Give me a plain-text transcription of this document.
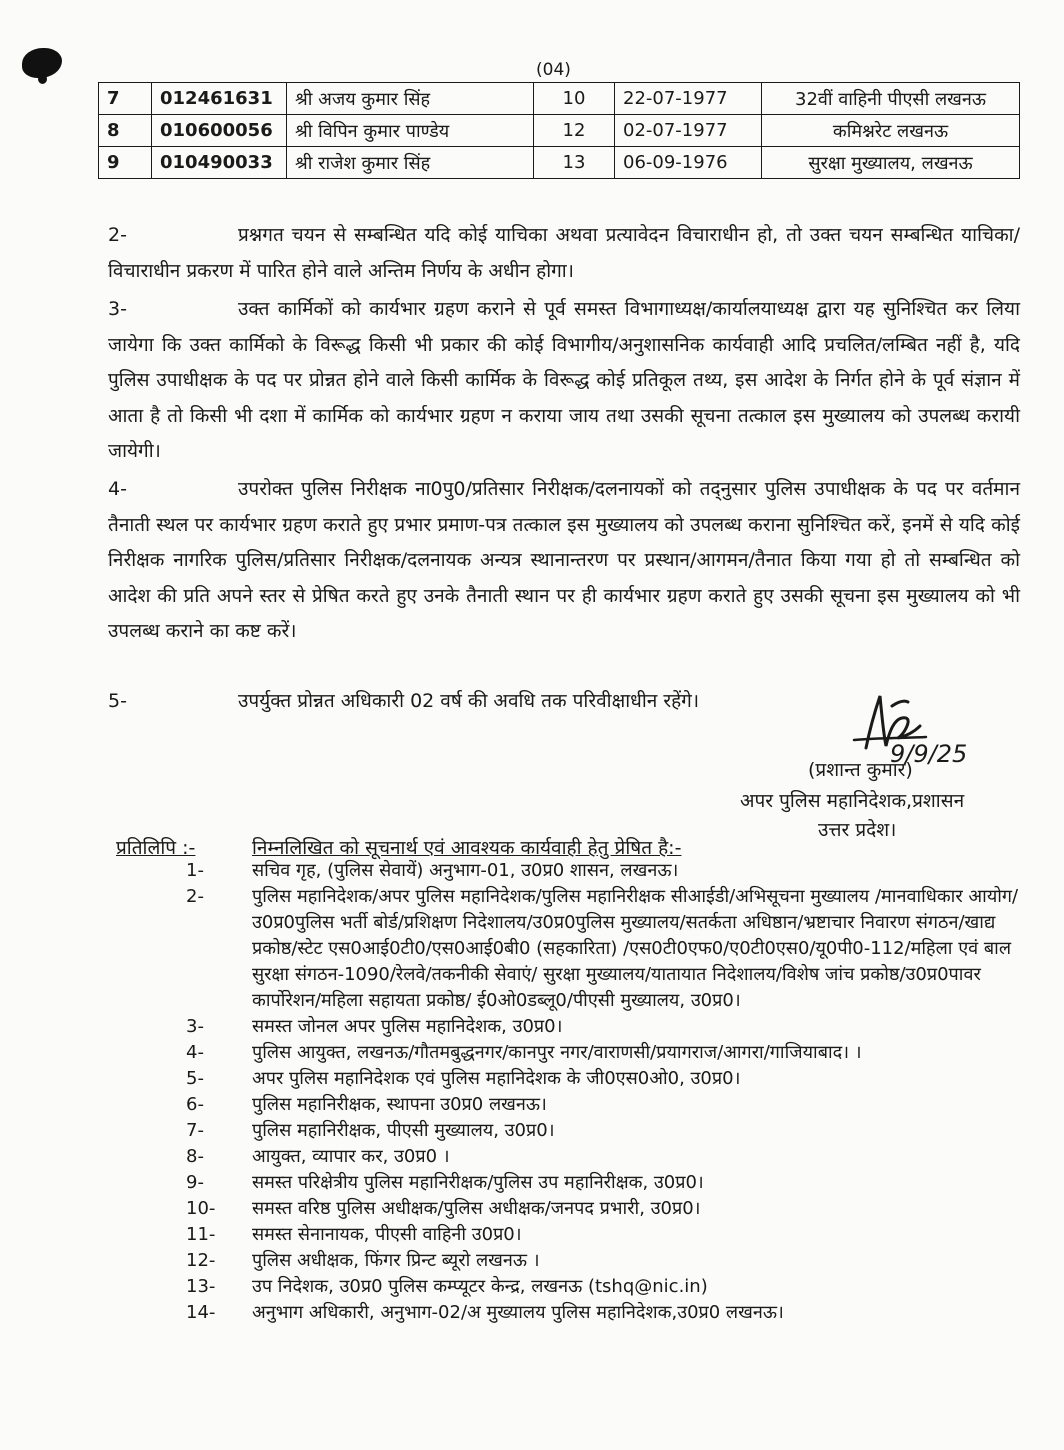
(04)
7	012461631	श्री अजय कुमार सिंह	10	22-07-1977	32वीं वाहिनी पीएसी लखनऊ
8	010600056	श्री विपिन कुमार पाण्डेय	12	02-07-1977	कमिश्नरेट लखनऊ
9	010490033	श्री राजेश कुमार सिंह	13	06-09-1976	सुरक्षा मुख्यालय, लखनऊ
2-	प्रश्नगत चयन से सम्बन्धित यदि कोई याचिका अथवा प्रत्यावेदन विचाराधीन हो, तो उक्त चयन सम्बन्धित याचिका/विचाराधीन प्रकरण में पारित होने वाले अन्तिम निर्णय के अधीन होगा।
3-	उक्त कार्मिकों को कार्यभार ग्रहण कराने से पूर्व समस्त विभागाध्यक्ष/कार्यालयाध्यक्ष द्वारा यह सुनिश्चित कर लिया जायेगा कि उक्त कार्मिको के विरूद्ध किसी भी प्रकार की कोई विभागीय/अनुशासनिक कार्यवाही आदि प्रचलित/लम्बित नहीं है, यदि पुलिस उपाधीक्षक के पद पर प्रोन्नत होने वाले किसी कार्मिक के विरूद्ध कोई प्रतिकूल तथ्य, इस आदेश के निर्गत होने के पूर्व संज्ञान में आता है तो किसी भी दशा में कार्मिक को कार्यभार ग्रहण न कराया जाय तथा उसकी सूचना तत्काल इस मुख्यालय को उपलब्ध करायी जायेगी।
4-	उपरोक्त पुलिस निरीक्षक ना0पु0/प्रतिसार निरीक्षक/दलनायकों को तद्नुसार पुलिस उपाधीक्षक के पद पर वर्तमान तैनाती स्थल पर कार्यभार ग्रहण कराते हुए प्रभार प्रमाण-पत्र तत्काल इस मुख्यालय को उपलब्ध कराना सुनिश्चित करें, इनमें से यदि कोई निरीक्षक नागरिक पुलिस/प्रतिसार निरीक्षक/दलनायक अन्यत्र स्थानान्तरण पर प्रस्थान/आगमन/तैनात किया गया हो तो सम्बन्धित को आदेश की प्रति अपने स्तर से प्रेषित करते हुए उनके तैनाती स्थान पर ही कार्यभार ग्रहण कराते हुए उसकी सूचना इस मुख्यालय को भी उपलब्ध कराने का कष्ट करें।
5-	उपर्युक्त प्रोन्नत अधिकारी 02 वर्ष की अवधि तक परिवीक्षाधीन रहेंगे।
9/9/25
(प्रशान्त कुमार)
अपर पुलिस महानिदेशक,प्रशासन
उत्तर प्रदेश।
प्रतिलिपि :-	निम्नलिखित को सूचनार्थ एवं आवश्यक कार्यवाही हेतु प्रेषित है:-
1-	सचिव गृह, (पुलिस सेवायें) अनुभाग-01, उ0प्र0 शासन, लखनऊ।
2-	पुलिस महानिदेशक/अपर पुलिस महानिदेशक/पुलिस महानिरीक्षक सीआईडी/अभिसूचना मुख्यालय /मानवाधिकार आयोग/उ0प्र0पुलिस भर्ती बोर्ड/प्रशिक्षण निदेशालय/उ0प्र0पुलिस मुख्यालय/सतर्कता अधिष्ठान/भ्रष्टाचार निवारण संगठन/खाद्य प्रकोष्ठ/स्टेट एस0आई0टी0/एस0आई0बी0 (सहकारिता) /एस0टी0एफ0/ए0टी0एस0/यू0पी0-112/महिला एवं बाल सुरक्षा संगठन-1090/रेलवे/तकनीकी सेवाएं/ सुरक्षा मुख्यालय/यातायात निदेशालय/विशेष जांच प्रकोष्ठ/उ0प्र0पावर कार्पोरेशन/महिला सहायता प्रकोष्ठ/ ई0ओ0डब्लू0/पीएसी मुख्यालय, उ0प्र0।
3-	समस्त जोनल अपर पुलिस महानिदेशक, उ0प्र0।
4-	पुलिस आयुक्त, लखनऊ/गौतमबुद्धनगर/कानपुर नगर/वाराणसी/प्रयागराज/आगरा/गाजियाबाद। ।
5-	अपर पुलिस महानिदेशक एवं पुलिस महानिदेशक के जी0एस0ओ0, उ0प्र0।
6-	पुलिस महानिरीक्षक, स्थापना उ0प्र0 लखनऊ।
7-	पुलिस महानिरीक्षक, पीएसी मुख्यालय, उ0प्र0।
8-	आयुक्त, व्यापार कर, उ0प्र0 ।
9-	समस्त परिक्षेत्रीय पुलिस महानिरीक्षक/पुलिस उप महानिरीक्षक, उ0प्र0।
10- समस्त वरिष्ठ पुलिस अधीक्षक/पुलिस अधीक्षक/जनपद प्रभारी, उ0प्र0।
11- समस्त सेनानायक, पीएसी वाहिनी उ0प्र0।
12- पुलिस अधीक्षक, फिंगर प्रिन्ट ब्यूरो लखनऊ ।
13- उप निदेशक, उ0प्र0 पुलिस कम्प्यूटर केन्द्र, लखनऊ (tshq@nic.in)
14- अनुभाग अधिकारी, अनुभाग-02/अ मुख्यालय पुलिस महानिदेशक,उ0प्र0 लखनऊ।
